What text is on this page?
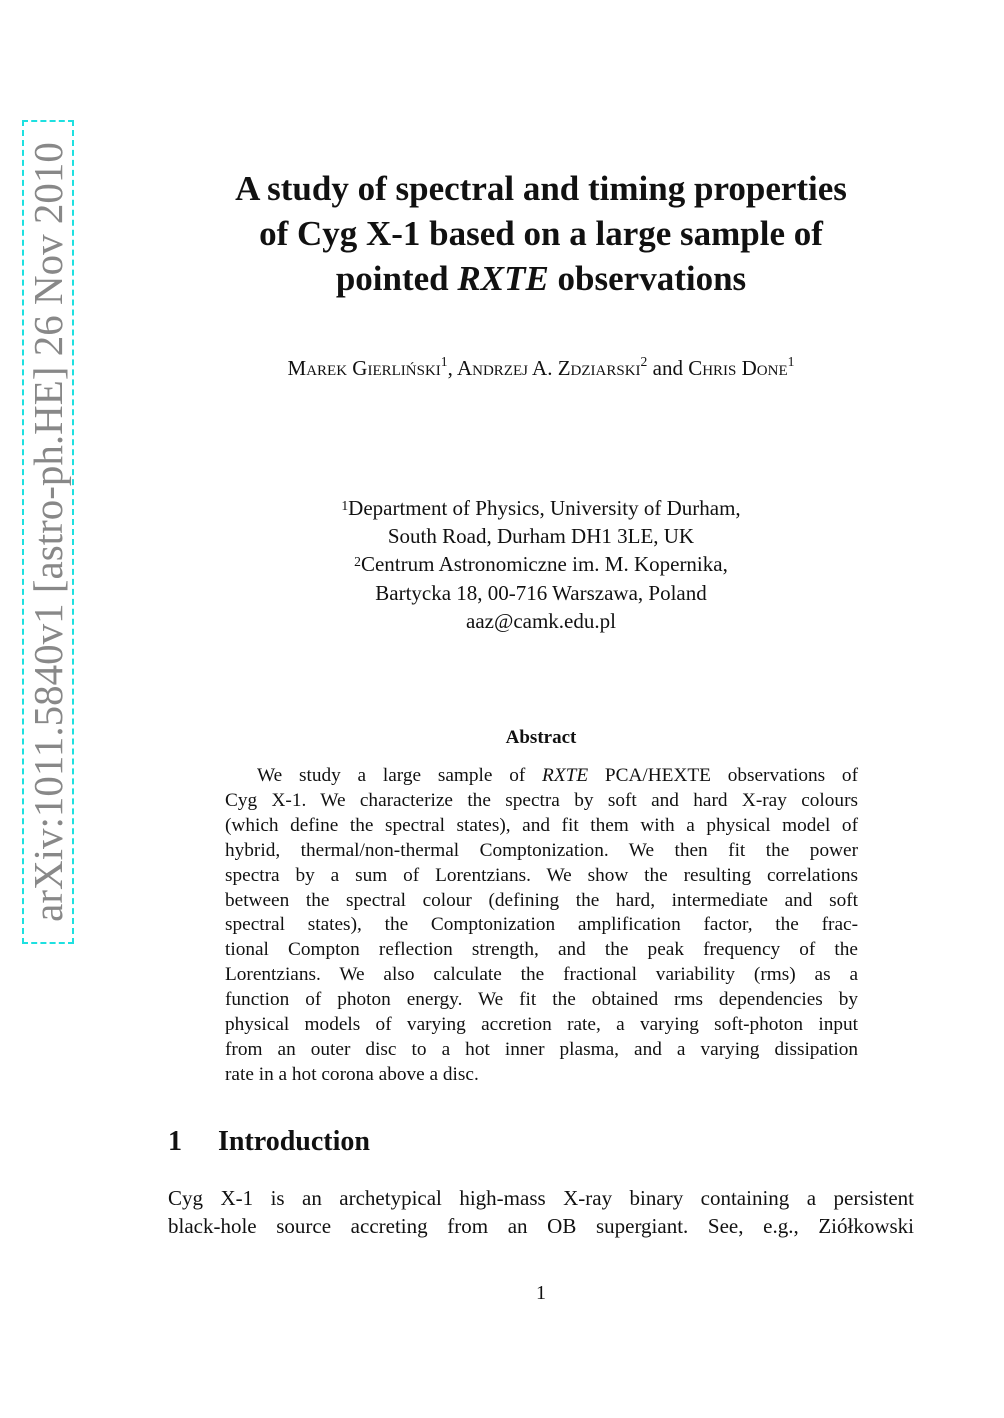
arXiv:1011.5840v1 [astro-ph.HE] 26 Nov 2010	A study of spectral and timing properties
of Cyg X-1 based on a large sample of
pointed RXTE observations
Marek Gierliński$^1$, Andrzej A. Zdziarski$^2$ and Chris Done$^1$
$^1$Department of Physics, University of Durham,
South Road, Durham DH1 3LE, UK
$^2$Centrum Astronomiczne im. M. Kopernika,
Bartycka 18, 00-716 Warszawa, Poland
aaz@camk.edu.pl
Abstract
We study a large sample of RXTE PCA/HEXTE observations of
Cyg X-1. We characterize the spectra by soft and hard X-ray colours
(which define the spectral states), and fit them with a physical model of
hybrid, thermal/non-thermal Comptonization. We then fit the power
spectra by a sum of Lorentzians. We show the resulting correlations
between the spectral colour (defining the hard, intermediate and soft
spectral states), the Comptonization amplification factor, the frac-
tional Compton reflection strength, and the peak frequency of the
Lorentzians. We also calculate the fractional variability (rms) as a
function of photon energy. We fit the obtained rms dependencies by
physical models of varying accretion rate, a varying soft-photon input
from an outer disc to a hot inner plasma, and a varying dissipation
rate in a hot corona above a disc.
1 Introduction
Cyg X-1 is an archetypical high-mass X-ray binary containing a persistent
black-hole source accreting from an OB supergiant. See, e.g., Ziółkowski
1
